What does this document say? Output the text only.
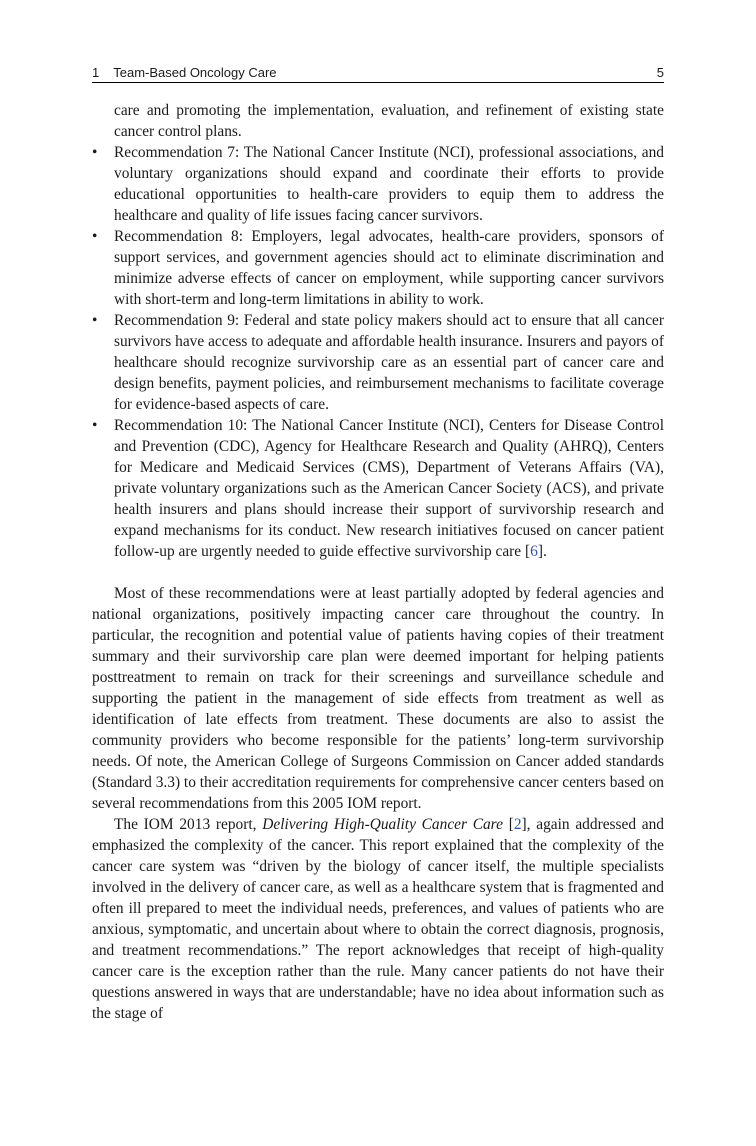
1 Team-Based Oncology Care	5

care and promoting the implementation, evaluation, and refinement of existing state cancer control plans.

• Recommendation 7: The National Cancer Institute (NCI), professional associations, and voluntary organizations should expand and coordinate their efforts to provide educational opportunities to health-care providers to equip them to address the healthcare and quality of life issues facing cancer survivors.
• Recommendation 8: Employers, legal advocates, health-care providers, sponsors of support services, and government agencies should act to eliminate discrimination and minimize adverse effects of cancer on employment, while supporting cancer survivors with short-term and long-term limitations in ability to work.
• Recommendation 9: Federal and state policy makers should act to ensure that all cancer survivors have access to adequate and affordable health insurance. Insurers and payors of healthcare should recognize survivorship care as an essential part of cancer care and design benefits, payment policies, and reimbursement mechanisms to facilitate coverage for evidence-based aspects of care.
• Recommendation 10: The National Cancer Institute (NCI), Centers for Disease Control and Prevention (CDC), Agency for Healthcare Research and Quality (AHRQ), Centers for Medicare and Medicaid Services (CMS), Department of Veterans Affairs (VA), private voluntary organizations such as the American Cancer Society (ACS), and private health insurers and plans should increase their support of survivorship research and expand mechanisms for its conduct. New research initiatives focused on cancer patient follow-up are urgently needed to guide effective survivorship care [6].

Most of these recommendations were at least partially adopted by federal agencies and national organizations, positively impacting cancer care throughout the country. In particular, the recognition and potential value of patients having copies of their treatment summary and their survivorship care plan were deemed important for helping patients posttreatment to remain on track for their screenings and surveillance schedule and supporting the patient in the management of side effects from treatment as well as identification of late effects from treatment. These documents are also to assist the community providers who become responsible for the patients’ long-term survivorship needs. Of note, the American College of Surgeons Commission on Cancer added standards (Standard 3.3) to their accreditation requirements for comprehensive cancer centers based on several recommendations from this 2005 IOM report.

The IOM 2013 report, Delivering High-Quality Cancer Care [2], again addressed and emphasized the complexity of the cancer. This report explained that the complexity of the cancer care system was “driven by the biology of cancer itself, the multiple specialists involved in the delivery of cancer care, as well as a healthcare system that is fragmented and often ill prepared to meet the individual needs, preferences, and values of patients who are anxious, symptomatic, and uncertain about where to obtain the correct diagnosis, prognosis, and treatment recommendations.” The report acknowledges that receipt of high-quality cancer care is the exception rather than the rule. Many cancer patients do not have their questions answered in ways that are understandable; have no idea about information such as the stage of
